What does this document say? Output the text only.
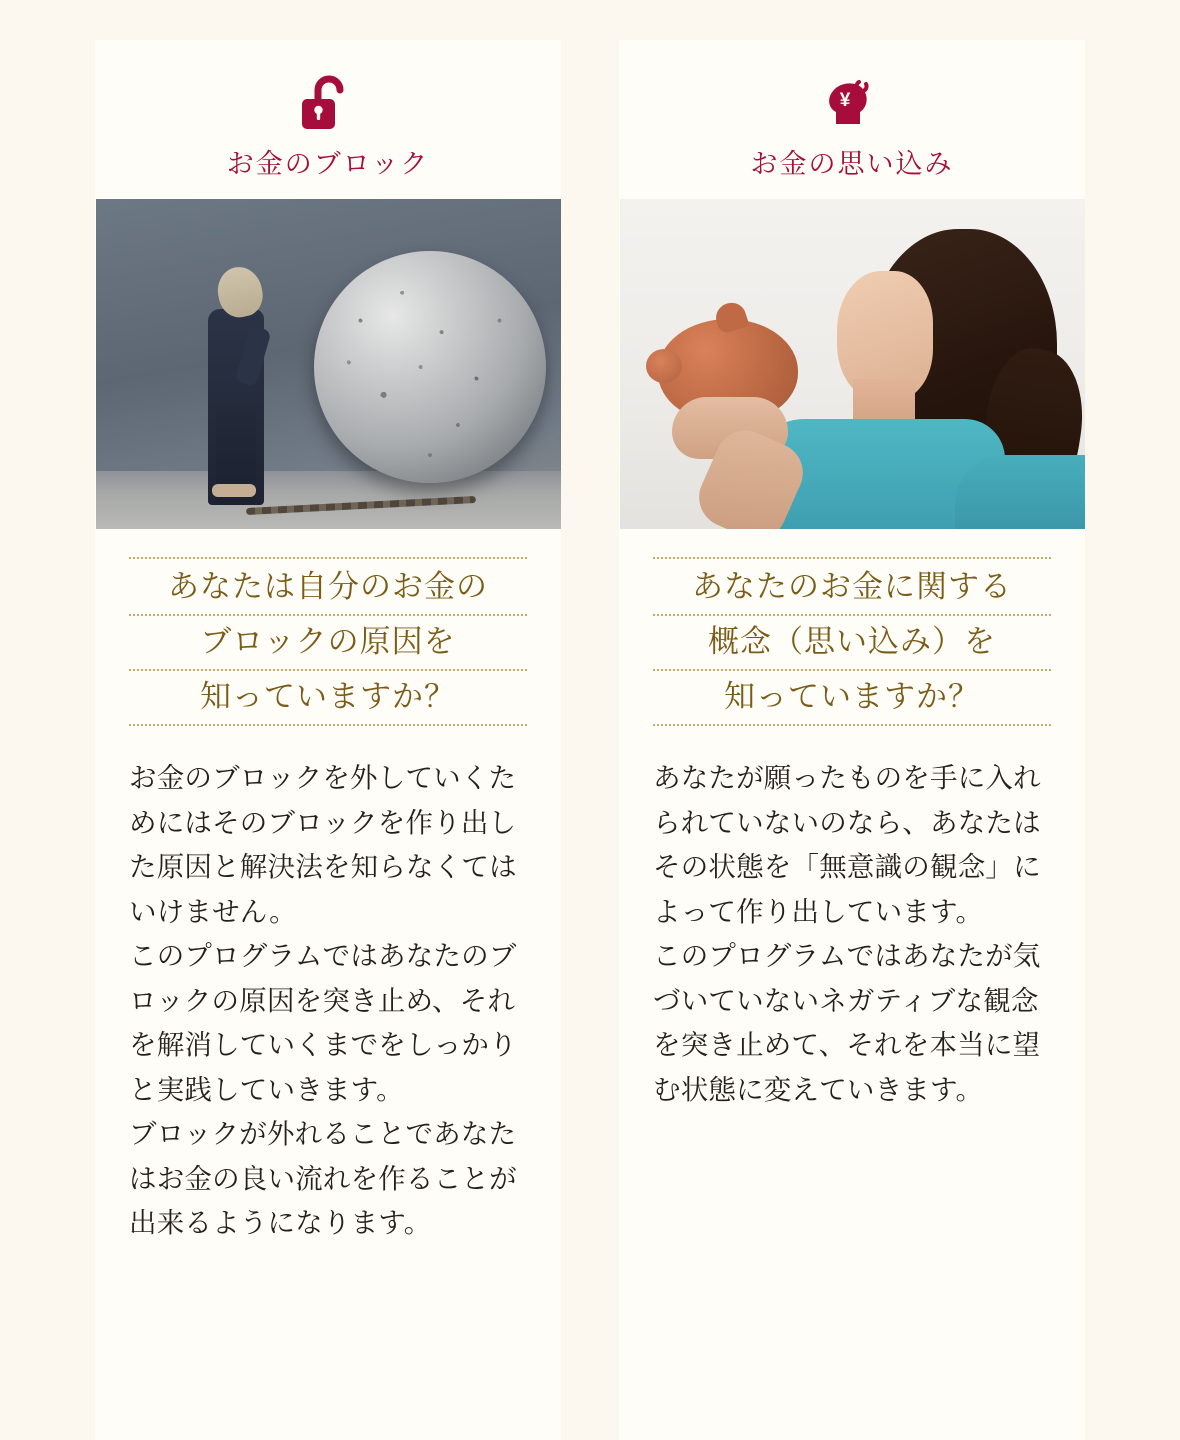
お金のブロック
あなたは自分のお金の
ブロックの原因を
知っていますか？

お金のブロックを外していくためにはそのブロックを作り出した原因と解決法を知らなくてはいけません。

このプログラムではあなたのブロックの原因を突き止め、それを解消していくまでをしっかりと実践していきます。

ブロックが外れることであなたはお金の良い流れを作ることが出来るようになります。

¥
お金の思い込み
あなたのお金に関する
概念（思い込み）を
知っていますか？

あなたが願ったものを手に入れられていないのなら、あなたはその状態を「無意識の観念」によって作り出しています。

このプログラムではあなたが気づいていないネガティブな観念を突き止めて、それを本当に望む状態に変えていきます。
